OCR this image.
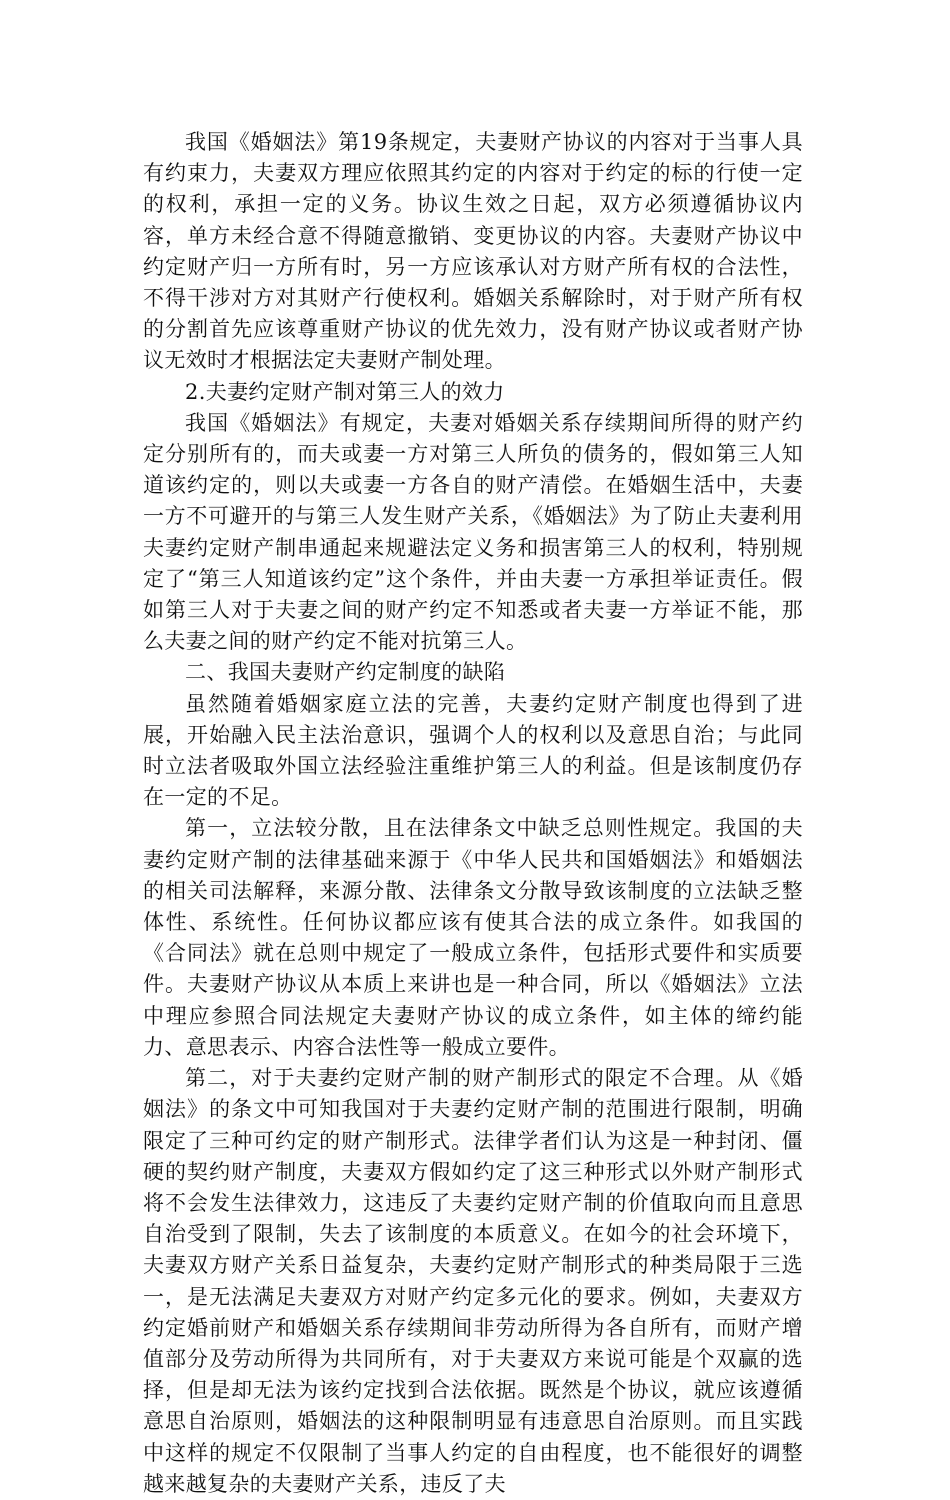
我国《婚姻法》第19条规定，夫妻财产协议的内容对于当事人具有约束力，夫妻双方理应依照其约定的内容对于约定的标的行使一定的权利，承担一定的义务。协议生效之日起，双方必须遵循协议内容，单方未经合意不得随意撤销、变更协议的内容。夫妻财产协议中约定财产归一方所有时，另一方应该承认对方财产所有权的合法性，不得干涉对方对其财产行使权利。婚姻关系解除时，对于财产所有权的分割首先应该尊重财产协议的优先效力，没有财产协议或者财产协议无效时才根据法定夫妻财产制处理。

2.夫妻约定财产制对第三人的效力

我国《婚姻法》有规定，夫妻对婚姻关系存续期间所得的财产约定分别所有的，而夫或妻一方对第三人所负的债务的，假如第三人知道该约定的，则以夫或妻一方各自的财产清偿。在婚姻生活中，夫妻一方不可避开的与第三人发生财产关系，《婚姻法》为了防止夫妻利用夫妻约定财产制串通起来规避法定义务和损害第三人的权利，特别规定了“第三人知道该约定”这个条件，并由夫妻一方承担举证责任。假如第三人对于夫妻之间的财产约定不知悉或者夫妻一方举证不能，那么夫妻之间的财产约定不能对抗第三人。

二、我国夫妻财产约定制度的缺陷

虽然随着婚姻家庭立法的完善，夫妻约定财产制度也得到了进展，开始融入民主法治意识，强调个人的权利以及意思自治；与此同时立法者吸取外国立法经验注重维护第三人的利益。但是该制度仍存在一定的不足。

第一，立法较分散，且在法律条文中缺乏总则性规定。我国的夫妻约定财产制的法律基础来源于《中华人民共和国婚姻法》和婚姻法的相关司法解释，来源分散、法律条文分散导致该制度的立法缺乏整体性、系统性。任何协议都应该有使其合法的成立条件。如我国的《合同法》就在总则中规定了一般成立条件，包括形式要件和实质要件。夫妻财产协议从本质上来讲也是一种合同，所以《婚姻法》立法中理应参照合同法规定夫妻财产协议的成立条件，如主体的缔约能力、意思表示、内容合法性等一般成立要件。

第二，对于夫妻约定财产制的财产制形式的限定不合理。从《婚姻法》的条文中可知我国对于夫妻约定财产制的范围进行限制，明确限定了三种可约定的财产制形式。法律学者们认为这是一种封闭、僵硬的契约财产制度，夫妻双方假如约定了这三种形式以外财产制形式将不会发生法律效力，这违反了夫妻约定财产制的价值取向而且意思自治受到了限制，失去了该制度的本质意义。在如今的社会环境下，夫妻双方财产关系日益复杂，夫妻约定财产制形式的种类局限于三选一，是无法满足夫妻双方对财产约定多元化的要求。例如，夫妻双方约定婚前财产和婚姻关系存续期间非劳动所得为各自所有，而财产增值部分及劳动所得为共同所有，对于夫妻双方来说可能是个双赢的选择，但是却无法为该约定找到合法依据。既然是个协议，就应该遵循意思自治原则，婚姻法的这种限制明显有违意思自治原则。而且实践中这样的规定不仅限制了当事人约定的自由程度，也不能很好的调整越来越复杂的夫妻财产关系，违反了夫
